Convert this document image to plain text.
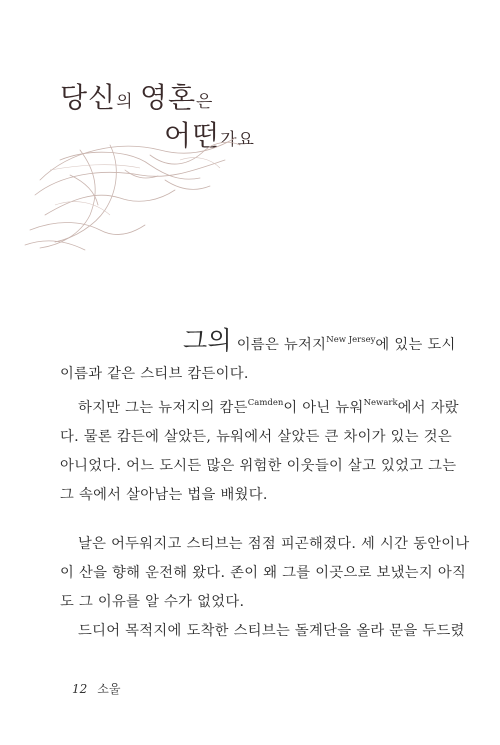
당신의 영혼은
어떤가요

그의 이름은 뉴저지$^{New Jersey}$에 있는 도시

이름과 같은 스티브 캄든이다.

하지만 그는 뉴저지의 캄든$^{Camden}$이 아닌 뉴워$^{Newark}$에서 자랐

다. 물론 캄든에 살았든, 뉴워에서 살았든 큰 차이가 있는 것은

아니었다. 어느 도시든 많은 위험한 이웃들이 살고 있었고 그는

그 속에서 살아남는 법을 배웠다.

날은 어두워지고 스티브는 점점 피곤해졌다. 세 시간 동안이나

이 산을 향해 운전해 왔다. 존이 왜 그를 이곳으로 보냈는지 아직

도 그 이유를 알 수가 없었다.

드디어 목적지에 도착한 스티브는 돌계단을 올라 문을 두드렸

12 소울
